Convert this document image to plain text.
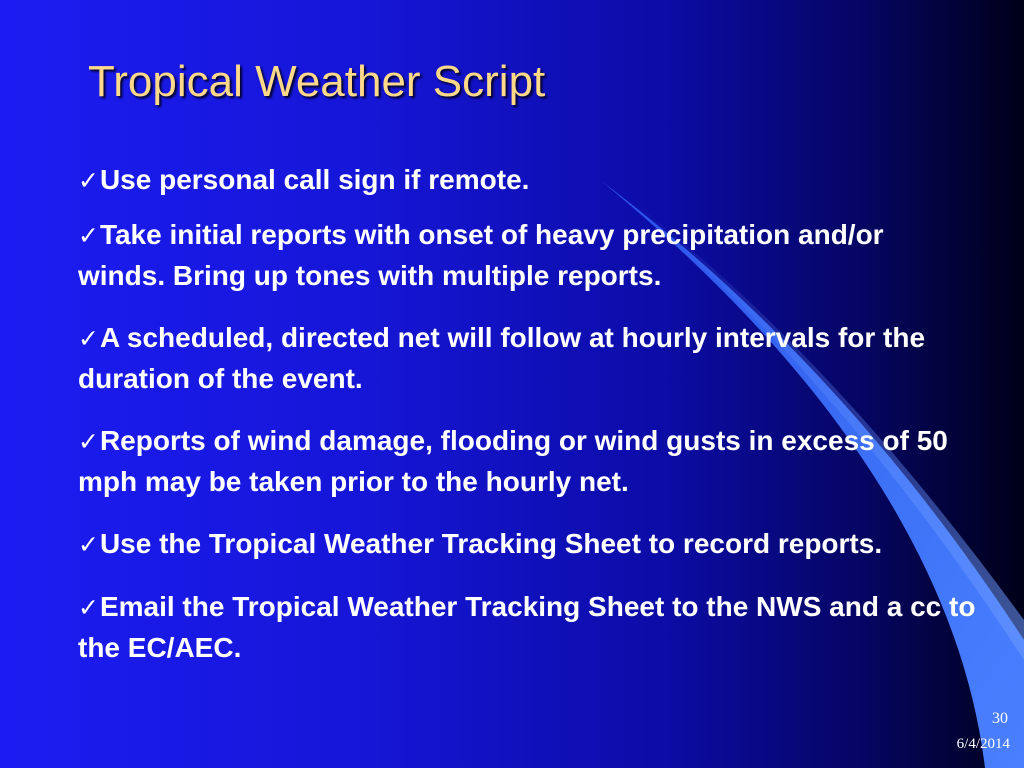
Tropical Weather Script
✓Use personal call sign if remote.
✓Take initial reports with onset of heavy precipitation and/or winds. Bring up tones with multiple reports.
✓A scheduled, directed net will follow at hourly intervals for the duration of the event.
✓Reports of wind damage, flooding or wind gusts in excess of 50 mph may be taken prior to the hourly net.
✓Use the Tropical Weather Tracking Sheet to record reports.
✓Email the Tropical Weather Tracking Sheet to the NWS and a cc to the EC/AEC.
30
6/4/2014
